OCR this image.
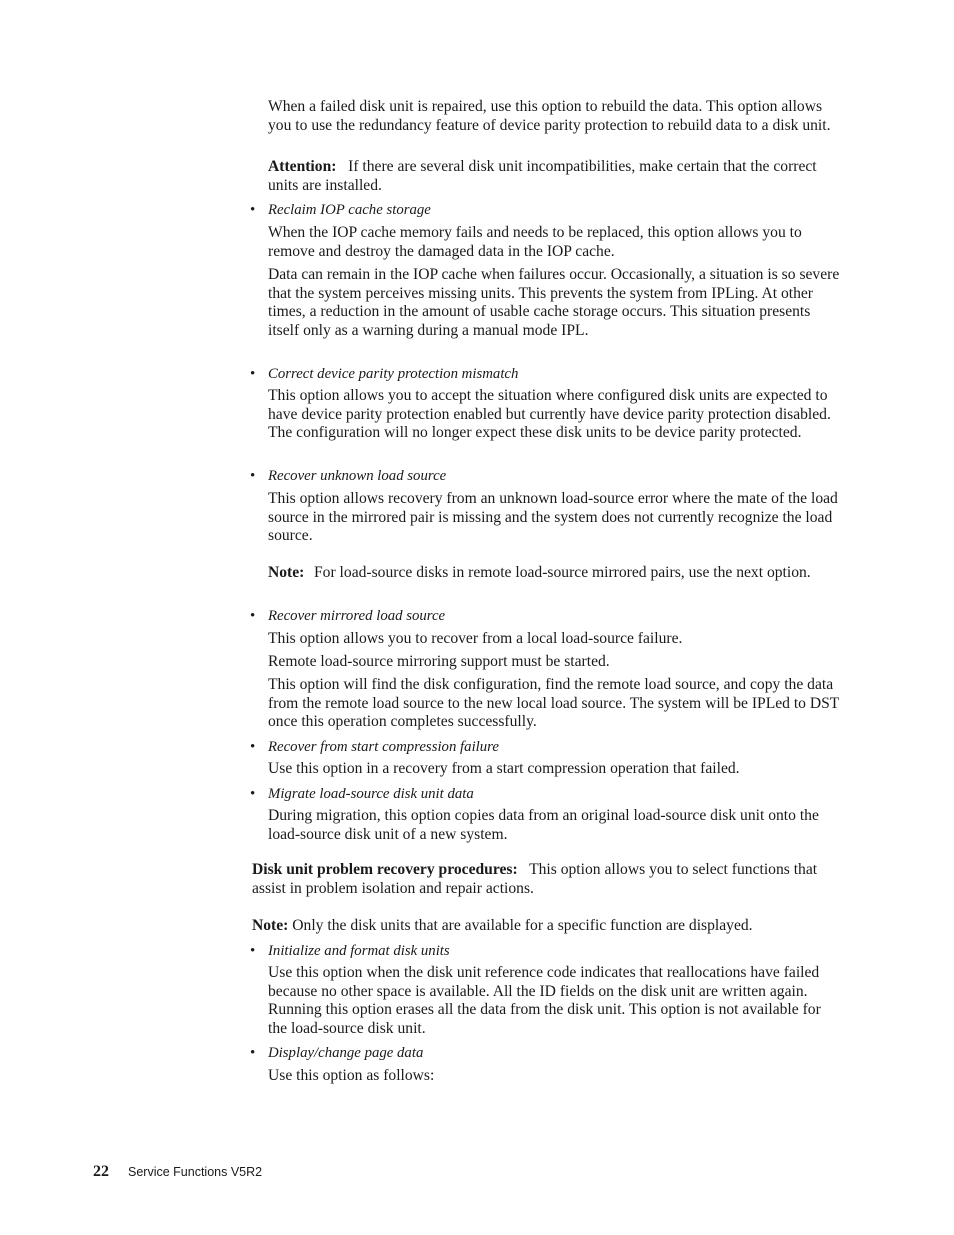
When a failed disk unit is repaired, use this option to rebuild the data. This option allows you to use the redundancy feature of device parity protection to rebuild data to a disk unit.

Attention: If there are several disk unit incompatibilities, make certain that the correct units are installed.

• Reclaim IOP cache storage

When the IOP cache memory fails and needs to be replaced, this option allows you to remove and destroy the damaged data in the IOP cache.

Data can remain in the IOP cache when failures occur. Occasionally, a situation is so severe that the system perceives missing units. This prevents the system from IPLing. At other times, a reduction in the amount of usable cache storage occurs. This situation presents itself only as a warning during a manual mode IPL.

• Correct device parity protection mismatch

This option allows you to accept the situation where configured disk units are expected to have device parity protection enabled but currently have device parity protection disabled. The configuration will no longer expect these disk units to be device parity protected.

• Recover unknown load source

This option allows recovery from an unknown load-source error where the mate of the load source in the mirrored pair is missing and the system does not currently recognize the load source.

Note: For load-source disks in remote load-source mirrored pairs, use the next option.

• Recover mirrored load source

This option allows you to recover from a local load-source failure.

Remote load-source mirroring support must be started.

This option will find the disk configuration, find the remote load source, and copy the data from the remote load source to the new local load source. The system will be IPLed to DST once this operation completes successfully.

• Recover from start compression failure

Use this option in a recovery from a start compression operation that failed.

• Migrate load-source disk unit data

During migration, this option copies data from an original load-source disk unit onto the load-source disk unit of a new system.

Disk unit problem recovery procedures: This option allows you to select functions that assist in problem isolation and repair actions.

Note: Only the disk units that are available for a specific function are displayed.

• Initialize and format disk units

Use this option when the disk unit reference code indicates that reallocations have failed because no other space is available. All the ID fields on the disk unit are written again. Running this option erases all the data from the disk unit. This option is not available for the load-source disk unit.

• Display/change page data

Use this option as follows:

22 Service Functions V5R2
